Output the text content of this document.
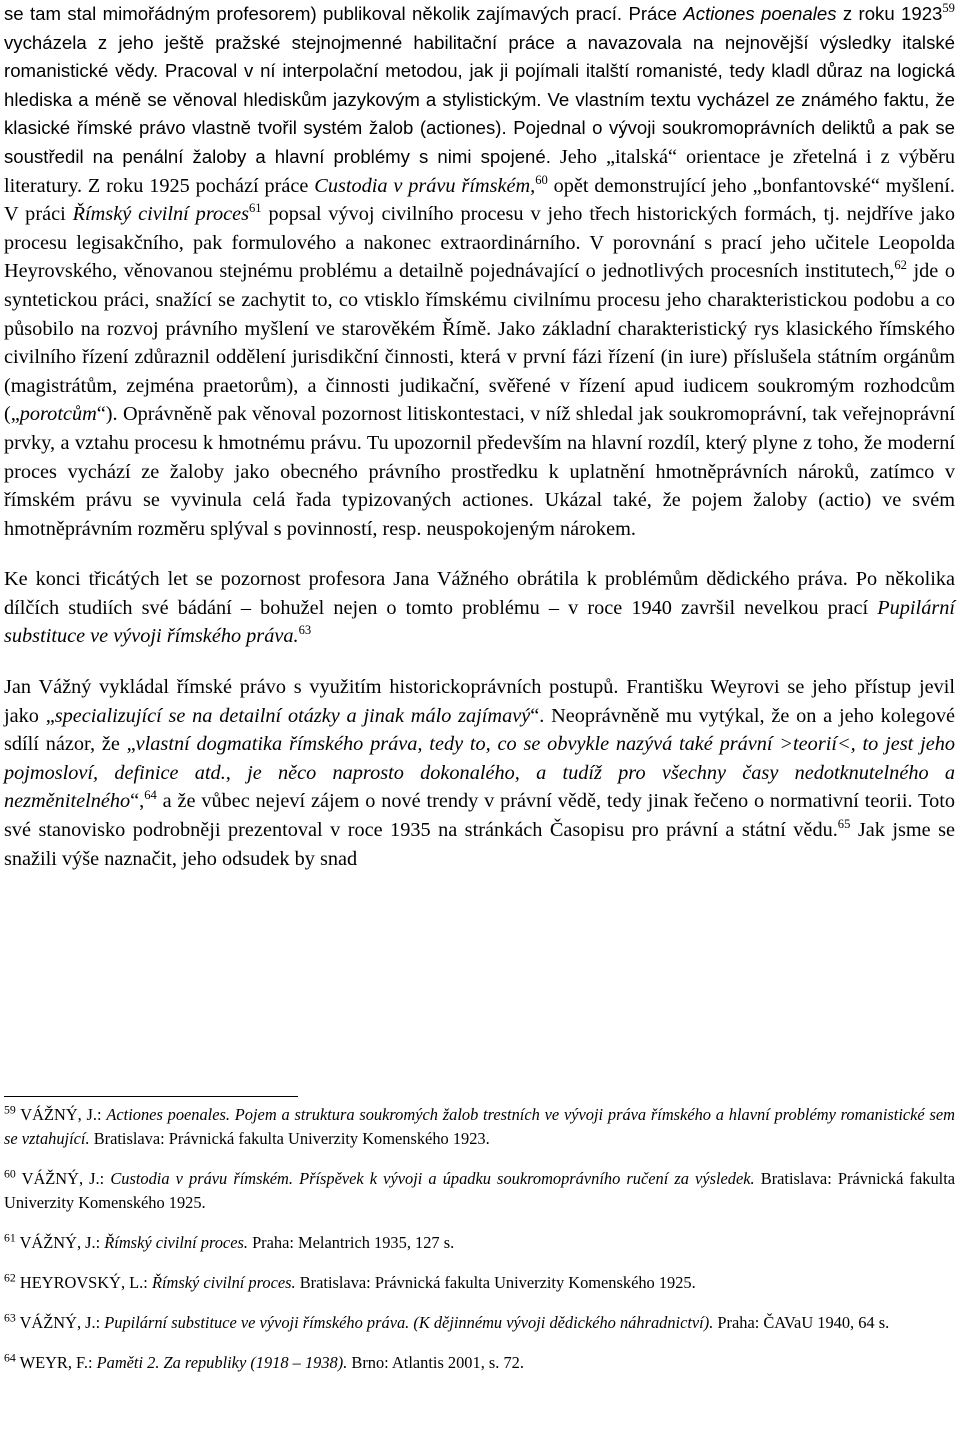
se tam stal mimořádným profesorem) publikoval několik zajímavých prací. Práce Actiones poenales z roku 1923$^{59}$ vycházela z jeho ještě pražské stejnojmenné habilitační práce a navazovala na nejnovější výsledky italské romanistické vědy. Pracoval v ní interpolační metodou, jak ji pojímali italští romanisté, tedy kladl důraz na logická hlediska a méně se věnoval hlediskům jazykovým a stylistickým. Ve vlastním textu vycházel ze známého faktu, že klasické římské právo vlastně tvořil systém žalob (actiones). Pojednal o vývoji soukromoprávních deliktů a pak se soustředil na penální žaloby a hlavní problémy s nimi spojené. Jeho „italská“ orientace je zřetelná i z výběru literatury. Z roku 1925 pochází práce Custodia v právu římském,$^{60}$ opět demonstrující jeho „bonfantovské“ myšlení. V práci Římský civilní proces$^{61}$ popsal vývoj civilního procesu v jeho třech historických formách, tj. nejdříve jako procesu legisakčního, pak formulového a nakonec extraordinárního. V porovnání s prací jeho učitele Leopolda Heyrovského, věnovanou stejnému problému a detailně pojednávající o jednotlivých procesních institutech,$^{62}$ jde o syntetickou práci, snažící se zachytit to, co vtisklo římskému civilnímu procesu jeho charakteristickou podobu a co působilo na rozvoj právního myšlení ve starověkém Římě. Jako základní charakteristický rys klasického římského civilního řízení zdůraznil oddělení jurisdikční činnosti, která v první fázi řízení (in iure) příslušela státním orgánům (magistrátům, zejména praetorům), a činnosti judikační, svěřené v řízení apud iudicem soukromým rozhodcům („porotcům“). Oprávněně pak věnoval pozornost litiskontestaci, v níž shledal jak soukromoprávní, tak veřejnoprávní prvky, a vztahu procesu k hmotnému právu. Tu upozornil především na hlavní rozdíl, který plyne z toho, že moderní proces vychází ze žaloby jako obecného právního prostředku k uplatnění hmotněprávních nároků, zatímco v římském právu se vyvinula celá řada typizovaných actiones. Ukázal také, že pojem žaloby (actio) ve svém hmotněprávním rozměru splýval s povinností, resp. neuspokojeným nárokem.

Ke konci třicátých let se pozornost profesora Jana Vážného obrátila k problémům dědického práva. Po několika dílčích studiích své bádání – bohužel nejen o tomto problému – v roce 1940 završil nevelkou prací Pupilární substituce ve vývoji římského práva.$^{63}$

Jan Vážný vykládal římské právo s využitím historickoprávních postupů. Františku Weyrovi se jeho přístup jevil jako „specializující se na detailní otázky a jinak málo zajímavý“. Neoprávněně mu vytýkal, že on a jeho kolegové sdílí názor, že „vlastní dogmatika římského práva, tedy to, co se obvykle nazývá také právní >teorií<, to jest jeho pojmosloví, definice atd., je něco naprosto dokonalého, a tudíž pro všechny časy nedotknutelného a nezměnitelného“,$^{64}$ a že vůbec nejeví zájem o nové trendy v právní vědě, tedy jinak řečeno o normativní teorii. Toto své stanovisko podrobněji prezentoval v roce 1935 na stránkách Časopisu pro právní a státní vědu.$^{65}$ Jak jsme se snažili výše naznačit, jeho odsudek by snad

$^{59}$ VÁŽNÝ, J.: Actiones poenales. Pojem a struktura soukromých žalob trestních ve vývoji práva římského a hlavní problémy romanistické sem se vztahující. Bratislava: Právnická fakulta Univerzity Komenského 1923.

$^{60}$ VÁŽNÝ, J.: Custodia v právu římském. Příspěvek k vývoji a úpadku soukromoprávního ručení za výsledek. Bratislava: Právnická fakulta Univerzity Komenského 1925.

$^{61}$ VÁŽNÝ, J.: Římský civilní proces. Praha: Melantrich 1935, 127 s.

$^{62}$ HEYROVSKÝ, L.: Římský civilní proces. Bratislava: Právnická fakulta Univerzity Komenského 1925.

$^{63}$ VÁŽNÝ, J.: Pupilární substituce ve vývoji římského práva. (K dějinnému vývoji dědického náhradnictví). Praha: ČAVaU 1940, 64 s.

$^{64}$ WEYR, F.: Paměti 2. Za republiky (1918 – 1938). Brno: Atlantis 2001, s. 72.
